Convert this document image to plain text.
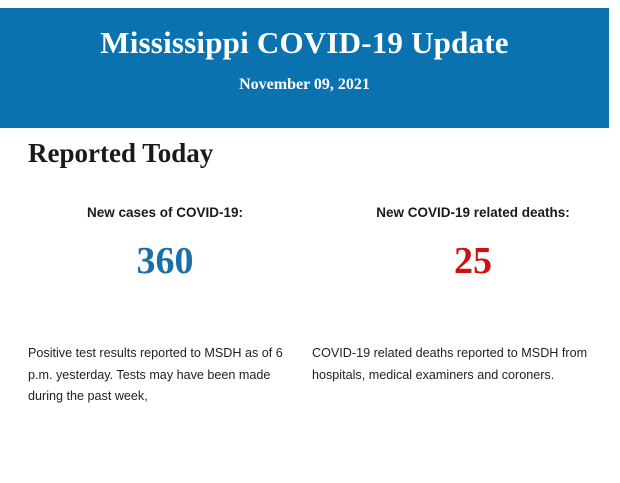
Mississippi COVID-19 Update
November 09, 2021
Reported Today
New cases of COVID-19:
360
New COVID-19 related deaths:
25
Positive test results reported to MSDH as of 6 p.m. yesterday. Tests may have been made during the past week,
COVID-19 related deaths reported to MSDH from hospitals, medical examiners and coroners.
